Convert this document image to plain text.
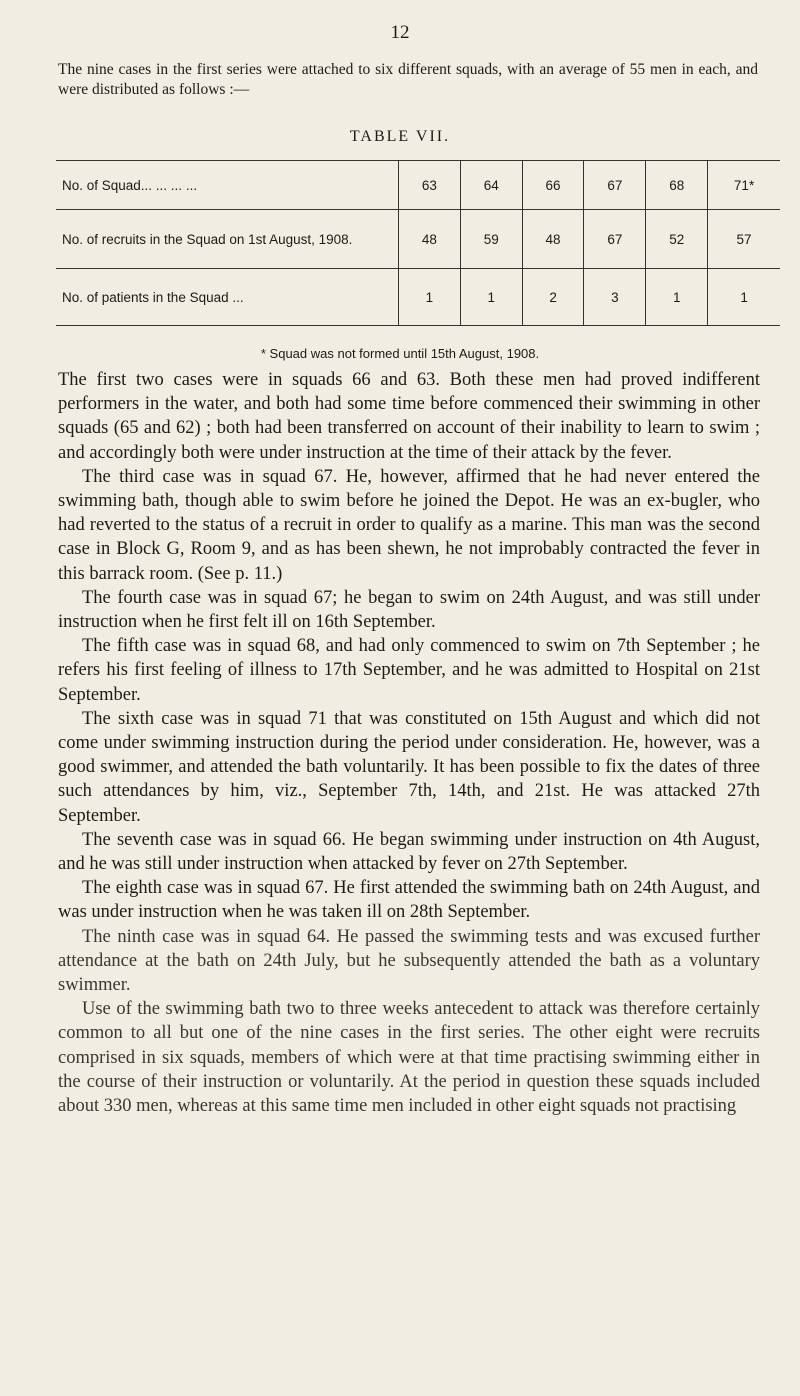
12
The nine cases in the first series were attached to six different squads, with an average of 55 men in each, and were distributed as follows :—
TABLE VII.
No. of Squad... ... ... ...	63	64	66	67	68	71*
No. of recruits in the Squad on 1st August, 1908.	48	59	48	67	52	57
No. of patients in the Squad ...	1	1	2	3	1	1
* Squad was not formed until 15th August, 1908.

The first two cases were in squads 66 and 63. Both these men had proved indifferent performers in the water, and both had some time before commenced their swimming in other squads (65 and 62) ; both had been transferred on account of their inability to learn to swim ; and accordingly both were under instruction at the time of their attack by the fever.

The third case was in squad 67. He, however, affirmed that he had never entered the swimming bath, though able to swim before he joined the Depot. He was an ex-bugler, who had reverted to the status of a recruit in order to qualify as a marine. This man was the second case in Block G, Room 9, and as has been shewn, he not improbably contracted the fever in this barrack room. (See p. 11.)

The fourth case was in squad 67; he began to swim on 24th August, and was still under instruction when he first felt ill on 16th September.

The fifth case was in squad 68, and had only commenced to swim on 7th September ; he refers his first feeling of illness to 17th September, and he was admitted to Hospital on 21st September.

The sixth case was in squad 71 that was constituted on 15th August and which did not come under swimming instruction during the period under consideration. He, however, was a good swimmer, and attended the bath voluntarily. It has been possible to fix the dates of three such attendances by him, viz., September 7th, 14th, and 21st. He was attacked 27th September.

The seventh case was in squad 66. He began swimming under instruction on 4th August, and he was still under instruction when attacked by fever on 27th September.

The eighth case was in squad 67. He first attended the swimming bath on 24th August, and was under instruction when he was taken ill on 28th September.

The ninth case was in squad 64. He passed the swimming tests and was excused further attendance at the bath on 24th July, but he subsequently attended the bath as a voluntary swimmer.

Use of the swimming bath two to three weeks antecedent to attack was therefore certainly common to all but one of the nine cases in the first series. The other eight were recruits comprised in six squads, members of which were at that time practising swimming either in the course of their instruction or voluntarily. At the period in question these squads included about 330 men, whereas at this same time men included in other eight squads not practising
